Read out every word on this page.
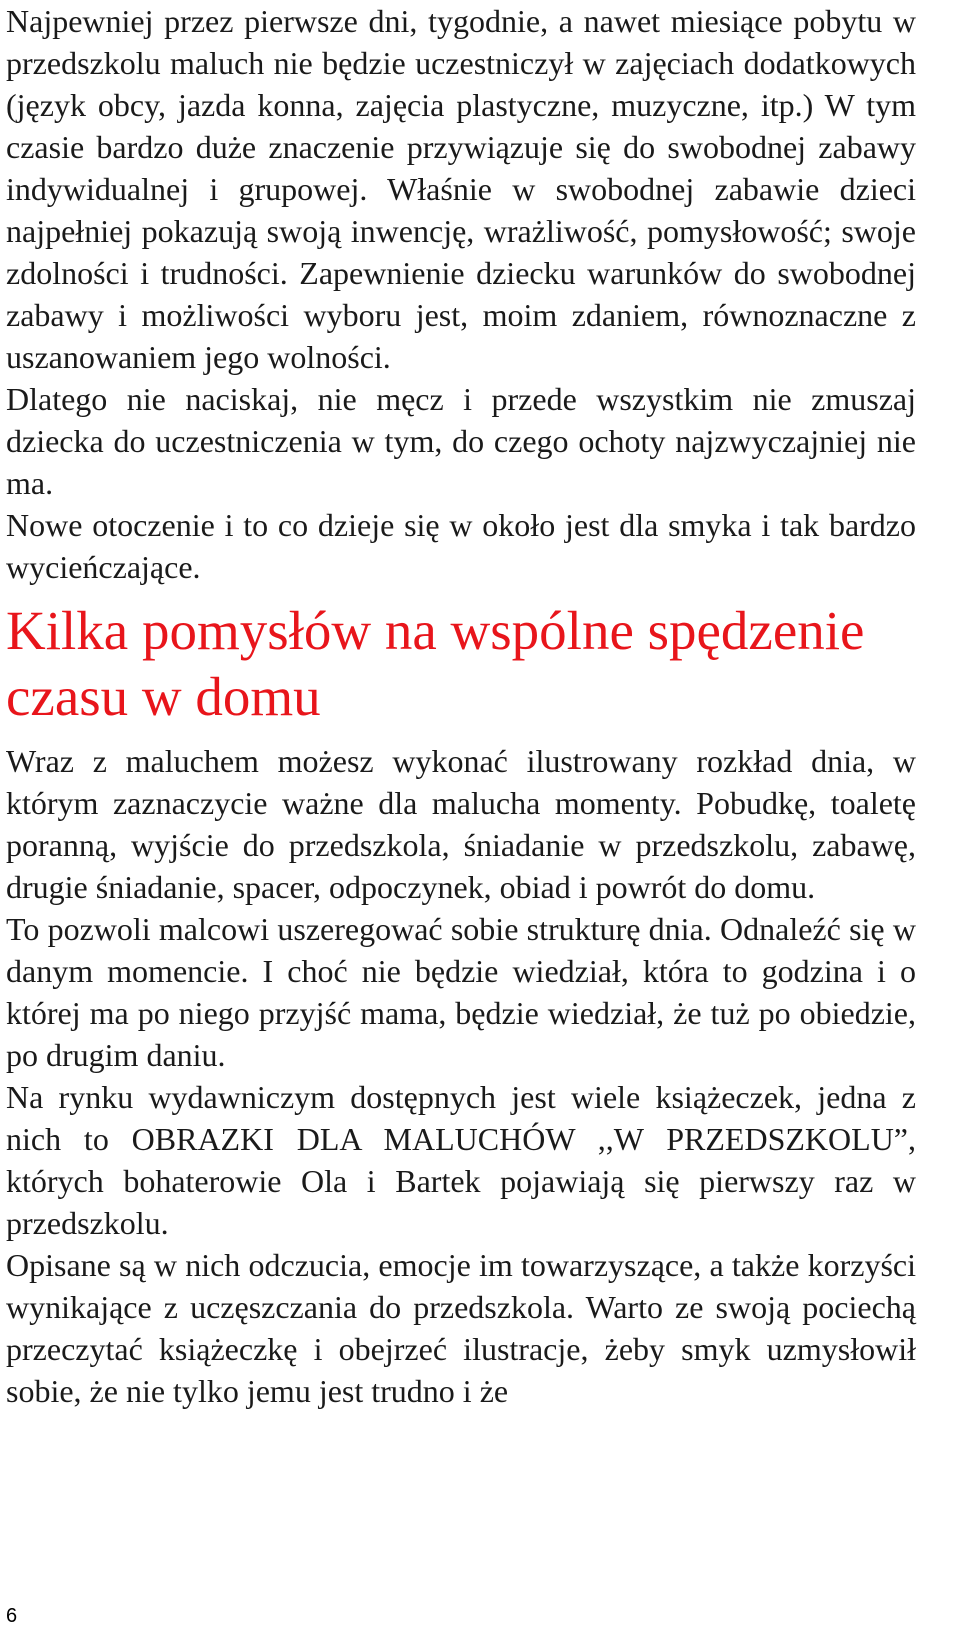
Najpewniej przez pierwsze dni, tygodnie, a nawet miesiące pobytu w przedszkolu maluch nie będzie uczestniczył w zajęciach dodatkowych (język obcy, jazda konna, zajęcia plastyczne, muzyczne, itp.) W tym czasie bardzo duże znaczenie przywiązuje się do swobodnej zabawy indywidualnej i grupowej. Właśnie w swobodnej zabawie dzieci najpełniej pokazują swoją inwencję, wrażliwość, pomysłowość; swoje zdolności i trudności. Zapewnienie dziecku warunków do swobodnej zabawy i możliwości wyboru jest, moim zdaniem, równoznaczne z uszanowaniem jego wolności.

Dlatego nie naciskaj, nie męcz i przede wszystkim nie zmuszaj dziecka do uczestniczenia w tym, do czego ochoty najzwyczajniej nie ma.

Nowe otoczenie i to co dzieje się w około jest dla smyka i tak bardzo wycieńczające.

Kilka pomysłów na wspólne spędzenie czasu w domu

Wraz z maluchem możesz wykonać ilustrowany rozkład dnia, w którym zaznaczycie ważne dla malucha momenty. Pobudkę, toaletę poranną, wyjście do przedszkola, śniadanie w przedszkolu, zabawę, drugie śniadanie, spacer, odpoczynek, obiad i powrót do domu.

To pozwoli malcowi uszeregować sobie strukturę dnia. Odnaleźć się w danym momencie. I choć nie będzie wiedział, która to godzina i o której ma po niego przyjść mama, będzie wiedział, że tuż po obiedzie, po drugim daniu.

Na rynku wydawniczym dostępnych jest wiele książeczek, jedna z nich to OBRAZKI DLA MALUCHÓW ,,W PRZEDSZKOLU”, których bohaterowie Ola i Bartek pojawiają się pierwszy raz w przedszkolu.

Opisane są w nich odczucia, emocje im towarzyszące, a także korzyści wynikające z uczęszczania do przedszkola. Warto ze swoją pociechą przeczytać książeczkę i obejrzeć ilustracje, żeby smyk uzmysłowił sobie, że nie tylko jemu jest trudno i że

6
